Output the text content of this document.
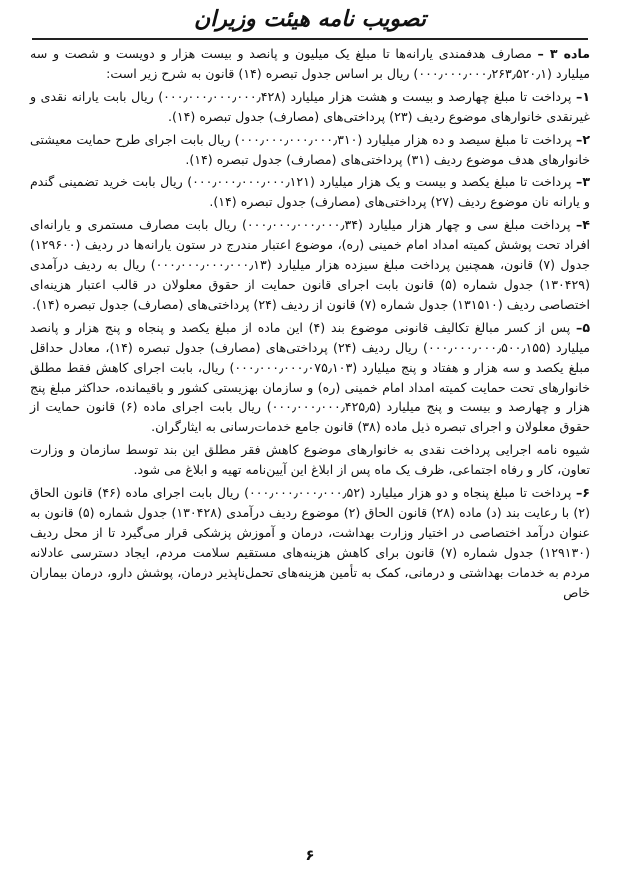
تصویب نامه هیئت وزیران

ماده ۳ – مصارف هدفمندی یارانه‌ها تا مبلغ یک میلیون و پانصد و بیست هزار و دویست و شصت و سه میلیارد (۰۰۰٫۰۰۰٫۰۰۰٫۲۶۳٫۵۲۰٫۱) ریال بر اساس جدول تبصره (۱۴) قانون به شرح زیر است:

۱– پرداخت تا مبلغ چهارصد و بیست و هشت هزار میلیارد (۰۰۰٫۰۰۰٫۰۰۰٫۰۰۰٫۴۲۸) ریال بابت یارانه نقدی و غیرنقدی خانوارهای موضوع ردیف (۲۳) پرداختی‌های (مصارف) جدول تبصره (۱۴).

۲– پرداخت تا مبلغ سیصد و ده هزار میلیارد (۰۰۰٫۰۰۰٫۰۰۰٫۰۰۰٫۳۱۰) ریال بابت اجرای طرح حمایت معیشتی خانوارهای هدف موضوع ردیف (۳۱) پرداختی‌های (مصارف) جدول تبصره (۱۴).

۳– پرداخت تا مبلغ یکصد و بیست و یک هزار میلیارد (۰۰۰٫۰۰۰٫۰۰۰٫۰۰۰٫۱۲۱) ریال بابت خرید تضمینی گندم و یارانه نان موضوع ردیف (۲۷) پرداختی‌های (مصارف) جدول تبصره (۱۴).

۴– پرداخت مبلغ سی و چهار هزار میلیارد (۰۰۰٫۰۰۰٫۰۰۰٫۰۰۰٫۳۴) ریال بابت مصارف مستمری و یارانه‌ای افراد تحت پوشش کمیته امداد امام خمینی (ره)، موضوع اعتبار مندرج در ستون یارانه‌ها در ردیف (۱۲۹۶۰۰) جدول (۷) قانون، همچنین پرداخت مبلغ سیزده هزار میلیارد (۰۰۰٫۰۰۰٫۰۰۰٫۰۰۰٫۱۳) ریال به ردیف درآمدی (۱۳۰۴۲۹) جدول شماره (۵) قانون بابت اجرای قانون حمایت از حقوق معلولان در قالب اعتبار هزینه‌ای اختصاصی ردیف (۱۳۱۵۱۰) جدول شماره (۷) قانون از ردیف (۲۴) پرداختی‌های (مصارف) جدول تبصره (۱۴).

۵– پس از کسر مبالغ تکالیف قانونی موضوع بند (۴) این ماده از مبلغ یکصد و پنجاه و پنج هزار و پانصد میلیارد (۰۰۰٫۰۰۰٫۰۰۰٫۵۰۰٫۱۵۵) ریال ردیف (۲۴) پرداختی‌های (مصارف) جدول تبصره (۱۴)، معادل حداقل مبلغ یکصد و سه هزار و هفتاد و پنج میلیارد (۰۰۰٫۰۰۰٫۰۰۰٫۰۷۵٫۱۰۳) ریال، بابت اجرای کاهش فقط مطلق خانوارهای تحت حمایت کمیته امداد امام خمینی (ره) و سازمان بهزیستی کشور و باقیمانده، حداکثر مبلغ پنج هزار و چهارصد و بیست و پنج میلیارد (۰۰۰٫۰۰۰٫۰۰۰٫۴۲۵٫۵) ریال بابت اجرای ماده (۶) قانون حمایت از حقوق معلولان و اجرای تبصره ذیل ماده (۳۸) قانون جامع خدمات‌رسانی به ایثارگران.

شیوه نامه اجرایی پرداخت نقدی به خانوارهای موضوع کاهش فقر مطلق این بند توسط سازمان و وزارت تعاون، کار و رفاه اجتماعی، ظرف یک ماه پس از ابلاغ این آیین‌نامه تهیه و ابلاغ می شود.

۶– پرداخت تا مبلغ پنجاه و دو هزار میلیارد (۰۰۰٫۰۰۰٫۰۰۰٫۰۰۰٫۵۲) ریال بابت اجرای ماده (۴۶) قانون الحاق (۲) با رعایت بند (د) ماده (۲۸) قانون الحاق (۲) موضوع ردیف درآمدی (۱۳۰۴۲۸) جدول شماره (۵) قانون به عنوان درآمد اختصاصی در اختیار وزارت بهداشت، درمان و آموزش پزشکی قرار می‌گیرد تا از محل ردیف (۱۲۹۱۳۰) جدول شماره (۷) قانون برای کاهش هزینه‌های مستقیم سلامت مردم، ایجاد دسترسی عادلانه مردم به خدمات بهداشتی و درمانی، کمک به تأمین هزینه‌های تحمل‌ناپذیر درمان، پوشش دارو، درمان بیماران خاص

۶
